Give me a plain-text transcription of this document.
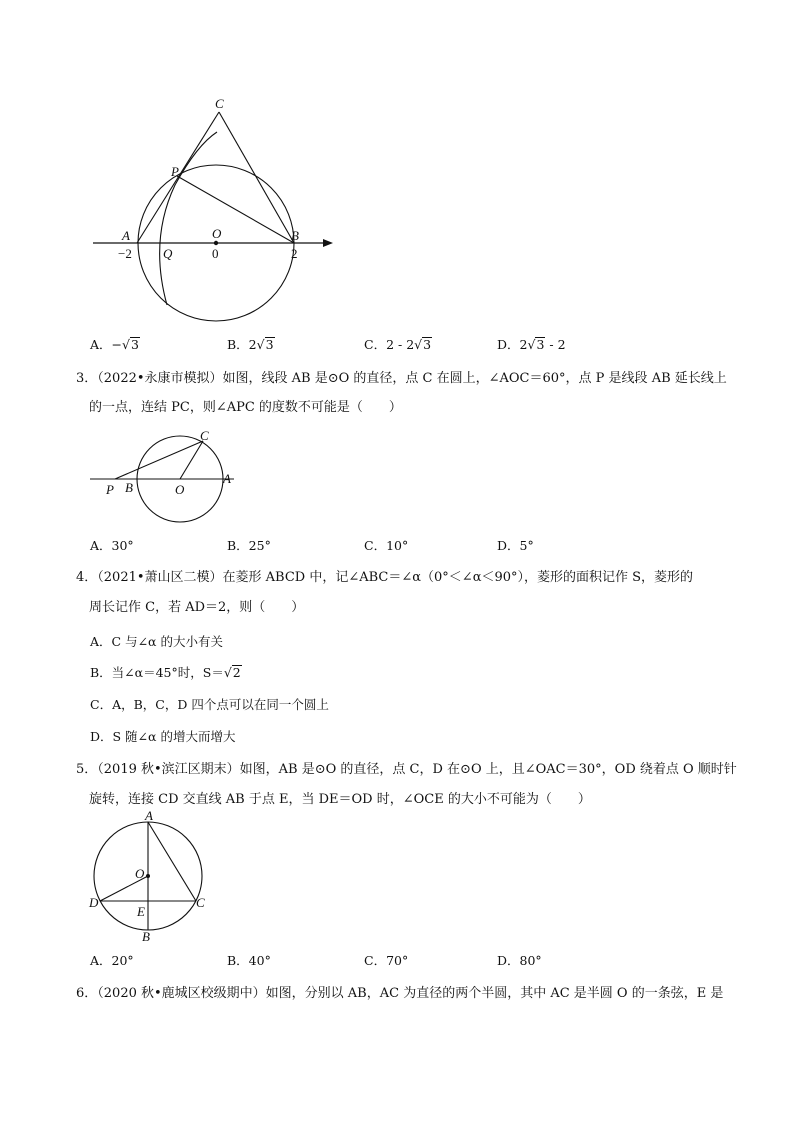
C
P
A	O	B
Q
−2	0	2
A．−√3	B．2√3	C．2 - 2√3	D．2√3 - 2
3．（2022•永康市模拟）如图，线段 AB 是⊙O 的直径，点 C 在圆上，∠AOC＝60°，点 P 是线段 AB 延长线上
的一点，连结 PC，则∠APC 的度数不可能是（　　）
C
P B	O
A
A．30°	B．25°	C．10°	D．5°
4．（2021•萧山区二模）在菱形 ABCD 中，记∠ABC＝∠α（0°＜∠α＜90°），菱形的面积记作 S，菱形的
周长记作 C，若 AD＝2，则（　　）
A．C 与∠α 的大小有关
B．当∠α＝45°时，S＝√2
C．A，B，C，D 四个点可以在同一个圆上
D．S 随∠α 的增大而增大
5．（2019 秋•滨江区期末）如图，AB 是⊙O 的直径，点 C，D 在⊙O 上，且∠OAC＝30°，OD 绕着点 O 顺时针
旋转，连接 CD 交直线 AB 于点 E，当 DE＝OD 时，∠OCE 的大小不可能为（　　）
A
O
D
E
C
B
A．20°	B．40°	C．70°	D．80°
6．（2020 秋•鹿城区校级期中）如图，分别以 AB，AC 为直径的两个半圆，其中 AC 是半圆 O 的一条弦，E 是
